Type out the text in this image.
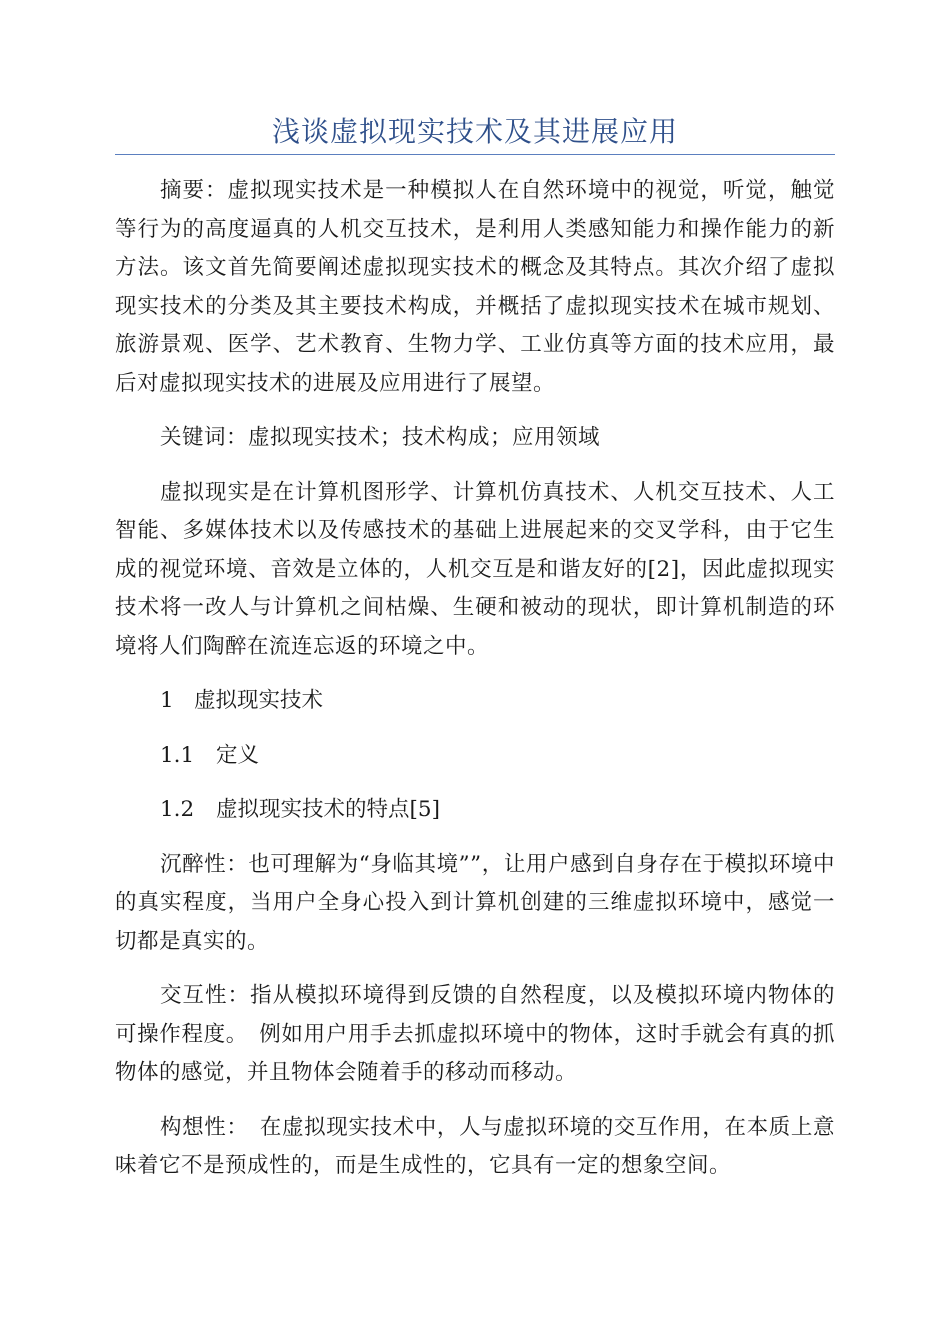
浅谈虚拟现实技术及其进展应用

摘要：虚拟现实技术是一种模拟人在自然环境中的视觉，听觉，触觉等行为的高度逼真的人机交互技术，是利用人类感知能力和操作能力的新方法。该文首先简要阐述虚拟现实技术的概念及其特点。其次介绍了虚拟现实技术的分类及其主要技术构成，并概括了虚拟现实技术在城市规划、旅游景观、医学、艺术教育、生物力学、工业仿真等方面的技术应用，最后对虚拟现实技术的进展及应用进行了展望。

关键词：虚拟现实技术；技术构成；应用领域

虚拟现实是在计算机图形学、计算机仿真技术、人机交互技术、人工智能、多媒体技术以及传感技术的基础上进展起来的交叉学科，由于它生成的视觉环境、音效是立体的，人机交互是和谐友好的[2]，因此虚拟现实技术将一改人与计算机之间枯燥、生硬和被动的现状，即计算机制造的环境将人们陶醉在流连忘返的环境之中。

1 虚拟现实技术

1.1 定义

1.2 虚拟现实技术的特点[5]

沉醉性：也可理解为“身临其境””，让用户感到自身存在于模拟环境中的真实程度，当用户全身心投入到计算机创建的三维虚拟环境中，感觉一切都是真实的。

交互性：指从模拟环境得到反馈的自然程度，以及模拟环境内物体的可操作程度。　例如用户用手去抓虚拟环境中的物体，这时手就会有真的抓物体的感觉，并且物体会随着手的移动而移动。

构想性：　在虚拟现实技术中，人与虚拟环境的交互作用，在本质上意味着它不是预成性的，而是生成性的，它具有一定的想象空间。
